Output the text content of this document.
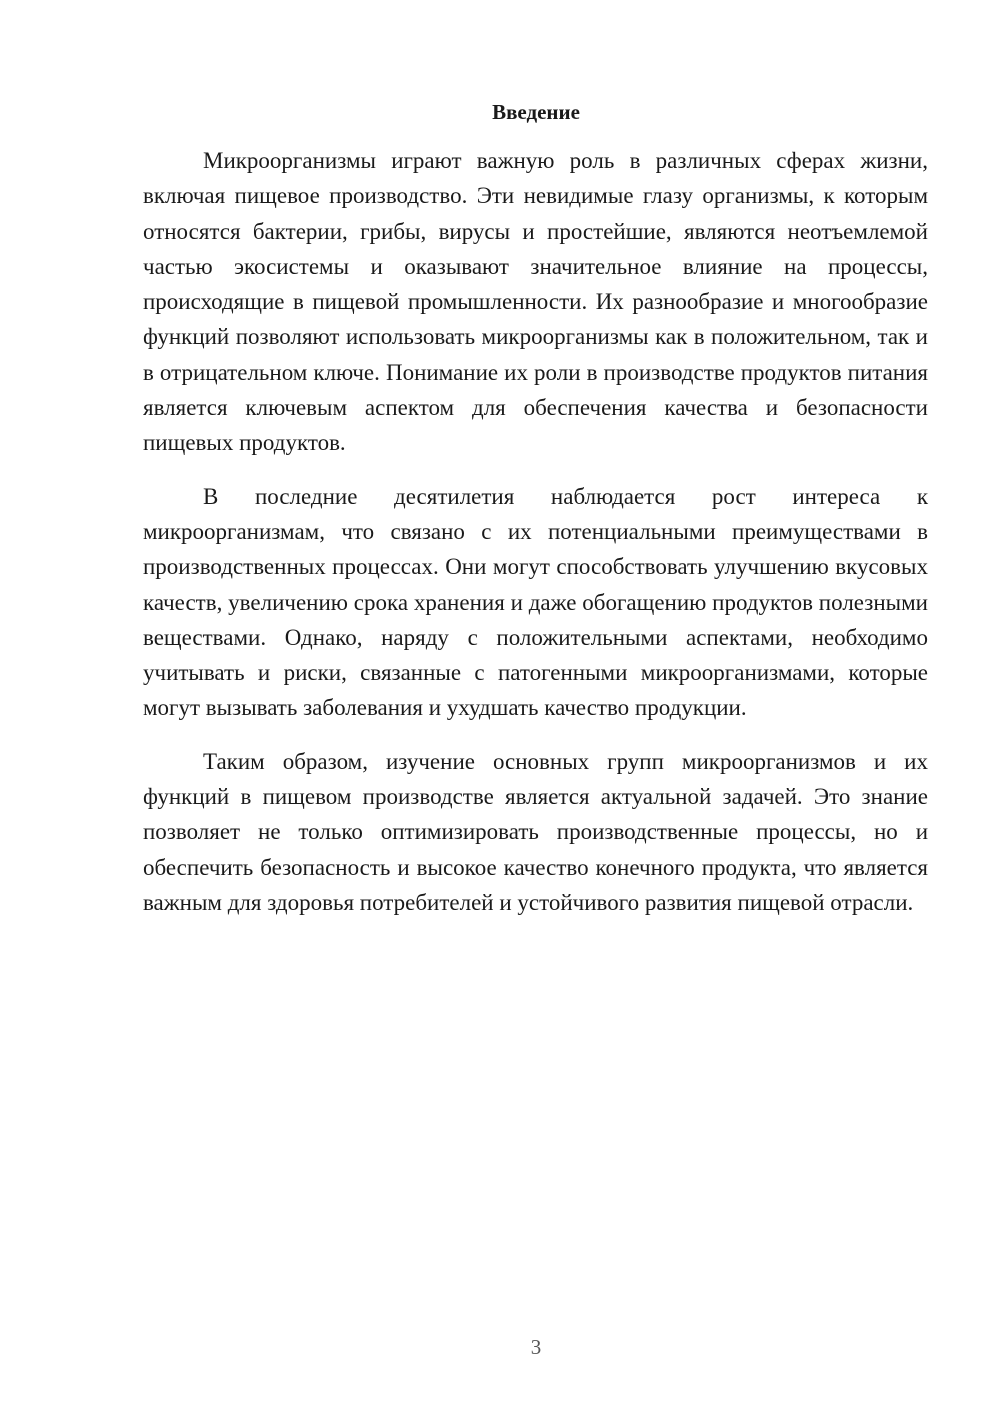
Введение

Микроорганизмы играют важную роль в различных сферах жизни, включая пищевое производство. Эти невидимые глазу организмы, к которым относятся бактерии, грибы, вирусы и простейшие, являются неотъемлемой частью экосистемы и оказывают значительное влияние на процессы, происходящие в пищевой промышленности. Их разнообразие и многообразие функций позволяют использовать микроорганизмы как в положительном, так и в отрицательном ключе. Понимание их роли в производстве продуктов питания является ключевым аспектом для обеспечения качества и безопасности пищевых продуктов.

В последние десятилетия наблюдается рост интереса к микроорганизмам, что связано с их потенциальными преимуществами в производственных процессах. Они могут способствовать улучшению вкусовых качеств, увеличению срока хранения и даже обогащению продуктов полезными веществами. Однако, наряду с положительными аспектами, необходимо учитывать и риски, связанные с патогенными микроорганизмами, которые могут вызывать заболевания и ухудшать качество продукции.

Таким образом, изучение основных групп микроорганизмов и их функций в пищевом производстве является актуальной задачей. Это знание позволяет не только оптимизировать производственные процессы, но и обеспечить безопасность и высокое качество конечного продукта, что является важным для здоровья потребителей и устойчивого развития пищевой отрасли.

3
